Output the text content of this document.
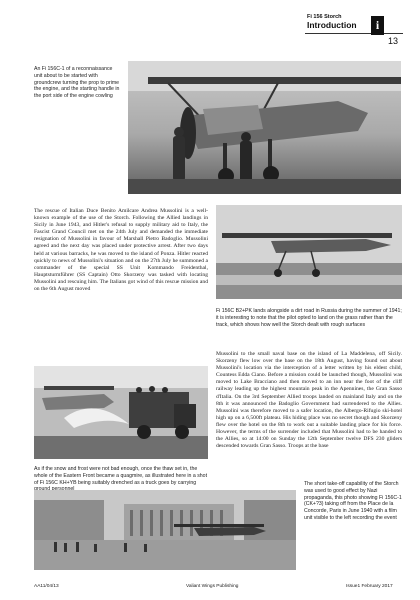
Fi 156 Storch
Introduction	i
13
An Fi 156C-1 of a reconnaissance unit about to be started with groundcrew turning the prop to prime the engine, and the starting handle in the port side of the engine cowling
The rescue of Italian Duce Benito Amilcare Andrea Mussolini is a well-known example of the use of the Storch. Following the Allied landings in Sicily in June 1943, and Hitler's refusal to supply military aid to Italy, the Fascist Grand Council met on the 24th July and demanded the immediate resignation of Mussolini in favour of Marshall Pietro Badoglio. Mussolini agreed and the next day was placed under protective arrest. After two days held at various barracks, he was moved to the island of Ponza. Hitler reacted quickly to news of Mussolini's situation and on the 27th July he summoned a commander of the special SS Unit Kommando Freidenthal, Hauptsturmführer (SS Captain) Otto Skorzeny was tasked with locating Mussolini and rescuing him. The Italians got wind of this rescue mission and on the 6th August moved
Fi 156C B2+PK lands alongside a dirt road in Russia during the summer of 1941; it is interesting to note that the pilot opted to land on the grass rather than the track, which shows how well the Storch dealt with rough surfaces
Mussolini to the small naval base on the island of La Maddelena, off Sicily. Skorzeny flew low over the base on the 18th August, having found out about Mussolini's location via the interception of a letter written by his eldest child, Countess Edda Ciano. Before a mission could be launched though, Mussolini was moved to Lake Bracciano and then moved to an inn near the foot of the cliff railway leading up the highest mountain peak in the Apennines, the Gran Sasso d'Italia. On the 3rd September Allied troops landed on mainland Italy and on the 8th it was announced the Badoglio Government had surrendered to the Allies. Mussolini was therefore moved to a safer location, the Albergo-Rifugio ski-hotel high up on a 6,500ft plateau. His hiding place was no secret though and Skorzeny flew over the hotel on the 8th to work out a suitable landing place for his force. However, the terms of the surrender included that Mussolini had to be handed to the Allies, so at 14:00 on Sunday the 12th September twelve DFS 230 gliders descended towards Gran Sasso. Troops at the base
As if the snow and frost were not bad enough, once the thaw set in, the whole of the Eastern Front became a quagmire, as illustrated here in a shot of Fi 156C KH+YB being suitably drenched as a truck goes by carrying	The short take-off capability of the Storch was used to good effect by Nazi propaganda, this photo showing Fi 156C-1 (CK+?3) taking off from the Place de la Concorde, Paris in June 1940 with a film unit visible to the left recording the event
AA11/04/13	Valiant Wings Publishing	Issue1 February 2017
